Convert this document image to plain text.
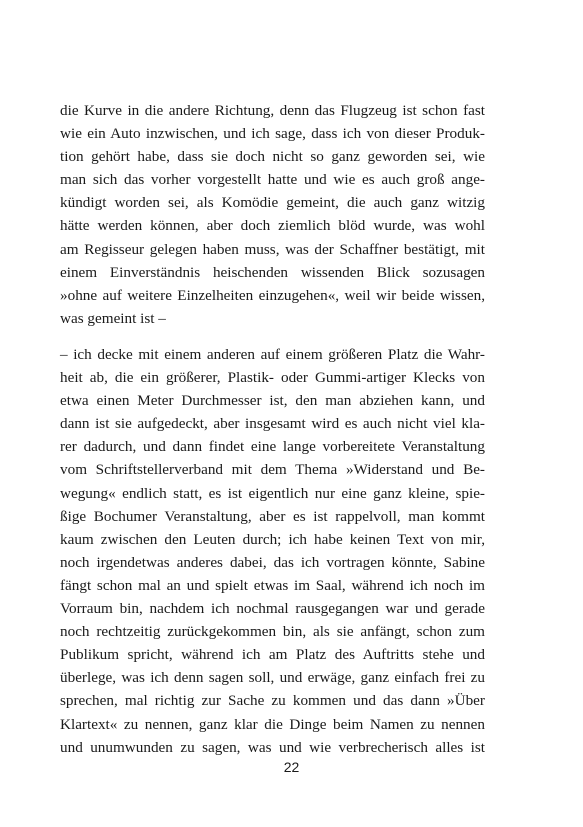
die Kurve in die andere Richtung, denn das Flugzeug ist schon fast
wie ein Auto inzwischen, und ich sage, dass ich von dieser Produk-
tion gehört habe, dass sie doch nicht so ganz geworden sei, wie
man sich das vorher vorgestellt hatte und wie es auch groß ange-
kündigt worden sei, als Komödie gemeint, die auch ganz witzig
hätte werden können, aber doch ziemlich blöd wurde, was wohl
am Regisseur gelegen haben muss, was der Schaffner bestätigt, mit
einem Einverständnis heischenden wissenden Blick sozusagen
»ohne auf weitere Einzelheiten einzugehen«, weil wir beide wissen,
was gemeint ist –
– ich decke mit einem anderen auf einem größeren Platz die Wahr-
heit ab, die ein größerer, Plastik- oder Gummi-artiger Klecks von
etwa einen Meter Durchmesser ist, den man abziehen kann, und
dann ist sie aufgedeckt, aber insgesamt wird es auch nicht viel kla-
rer dadurch, und dann findet eine lange vorbereitete Veranstaltung
vom Schriftstellerverband mit dem Thema »Widerstand und Be-
wegung« endlich statt, es ist eigentlich nur eine ganz kleine, spie-
ßige Bochumer Veranstaltung, aber es ist rappelvoll, man kommt
kaum zwischen den Leuten durch; ich habe keinen Text von mir,
noch irgendetwas anderes dabei, das ich vortragen könnte, Sabine
fängt schon mal an und spielt etwas im Saal, während ich noch im
Vorraum bin, nachdem ich nochmal rausgegangen war und gerade
noch rechtzeitig zurückgekommen bin, als sie anfängt, schon zum
Publikum spricht, während ich am Platz des Auftritts stehe und
überlege, was ich denn sagen soll, und erwäge, ganz einfach frei zu
sprechen, mal richtig zur Sache zu kommen und das dann »Über
Klartext« zu nennen, ganz klar die Dinge beim Namen zu nennen
und unumwunden zu sagen, was und wie verbrecherisch alles ist
22
